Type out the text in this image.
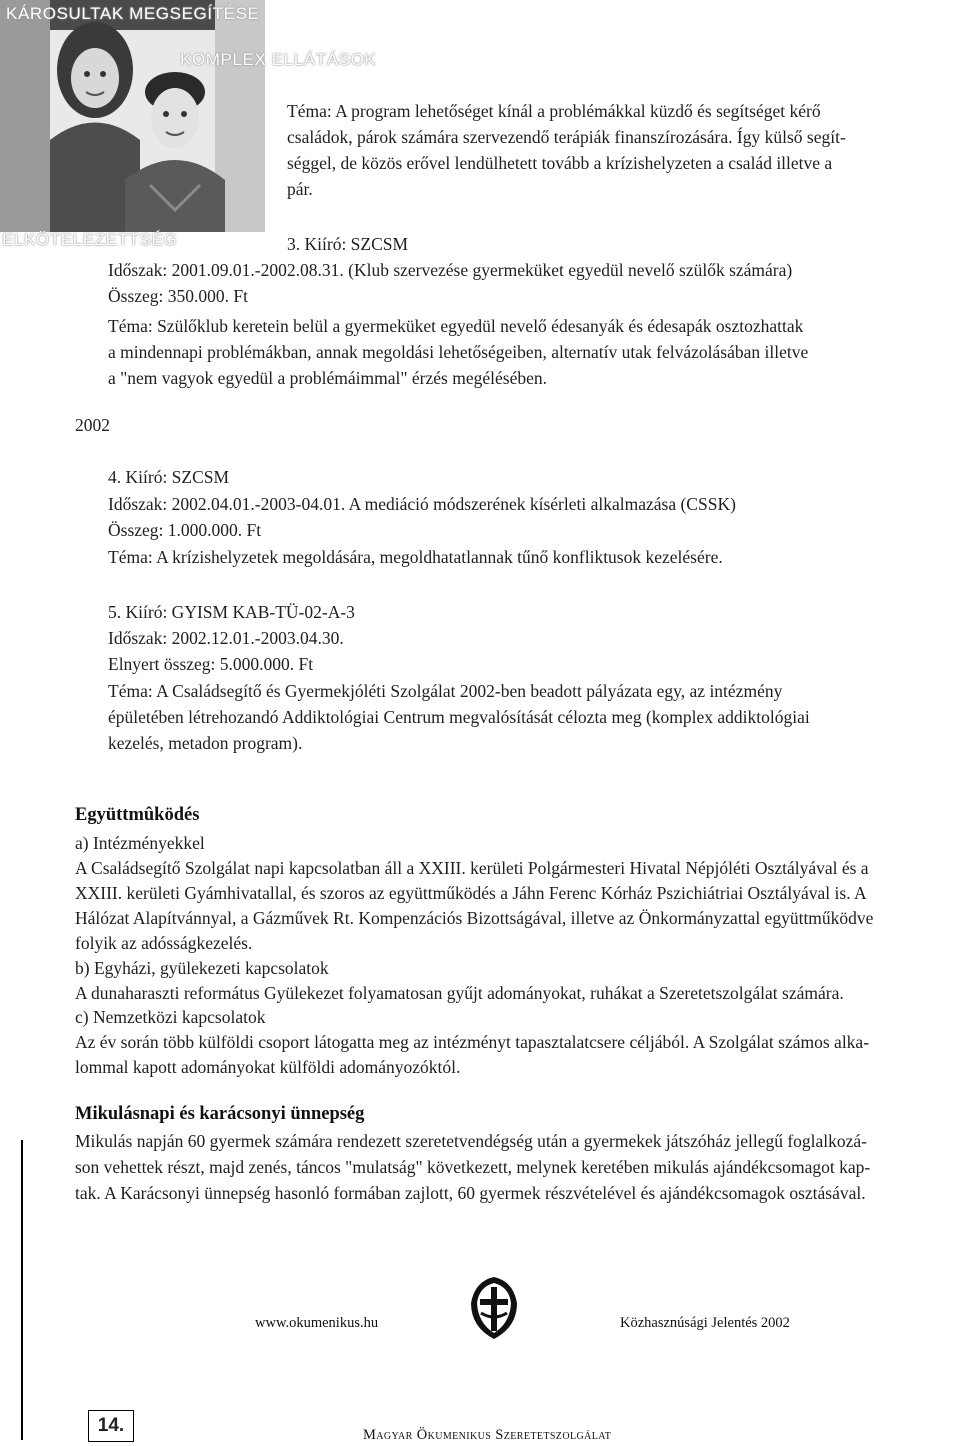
KÁROSULTAK MEGSEGÍTÉSE
KOMPLEX ELLÁTÁSOK
ELKÖTELEZETTSÉG
Téma: A program lehetőséget kínál a problémákkal küzdő és segítséget kérő
családok, párok számára szervezendő terápiák finanszírozására. Így külső segít-
séggel, de közös erővel lendülhetett tovább a krízishelyzeten a család illetve a
pár.
3. Kiíró: SZCSM
Időszak: 2001.09.01.-2002.08.31. (Klub szervezése gyermeküket egyedül nevelő szülők számára)
Összeg: 350.000. Ft
Téma: Szülőklub keretein belül a gyermeküket egyedül nevelő édesanyák és édesapák osztozhattak
a mindennapi problémákban, annak megoldási lehetőségeiben, alternatív utak felvázolásában illetve
a "nem vagyok egyedül a problémáimmal" érzés megélésében.
2002
4. Kiíró: SZCSM
Időszak: 2002.04.01.-2003-04.01. A mediáció módszerének kísérleti alkalmazása (CSSK)
Összeg: 1.000.000. Ft
Téma: A krízishelyzetek megoldására, megoldhatatlannak tűnő konfliktusok kezelésére.
5. Kiíró: GYISM KAB-TÜ-02-A-3
Időszak: 2002.12.01.-2003.04.30.
Elnyert összeg: 5.000.000. Ft
Téma: A Családsegítő és Gyermekjóléti Szolgálat 2002-ben beadott pályázata egy, az intézmény
épületében létrehozandó Addiktológiai Centrum megvalósítását célozta meg (komplex addiktológiai
kezelés, metadon program).
Együttmûködés
a) Intézményekkel
A Családsegítő Szolgálat napi kapcsolatban áll a XXIII. kerületi Polgármesteri Hivatal Népjóléti Osztályával és a
XXIII. kerületi Gyámhivatallal, és szoros az együttműködés a Jáhn Ferenc Kórház Pszichiátriai Osztályával is. A
Hálózat Alapítvánnyal, a Gázművek Rt. Kompenzációs Bizottságával, illetve az Önkormányzattal együttműködve
folyik az adósságkezelés.
b) Egyházi, gyülekezeti kapcsolatok
A dunaharaszti református Gyülekezet folyamatosan gyűjt adományokat, ruhákat a Szeretetszolgálat számára.
c) Nemzetközi kapcsolatok
Az év során több külföldi csoport látogatta meg az intézményt tapasztalatcsere céljából. A Szolgálat számos alka-
lommal kapott adományokat külföldi adományozóktól.
Mikulásnapi és karácsonyi ünnepség
Mikulás napján 60 gyermek számára rendezett szeretetvendégség után a gyermekek játszóház jellegű foglalkozá-
son vehettek részt, majd zenés, táncos "mulatság" következett, melynek keretében mikulás ajándékcsomagot kap-
tak. A Karácsonyi ünnepség hasonló formában zajlott, 60 gyermek részvételével és ajándékcsomagok osztásával.
www.okumenikus.hu	Közhasznúsági Jelentés 2002
Magyar Ökumenikus Szeretetszolgálat
14.
